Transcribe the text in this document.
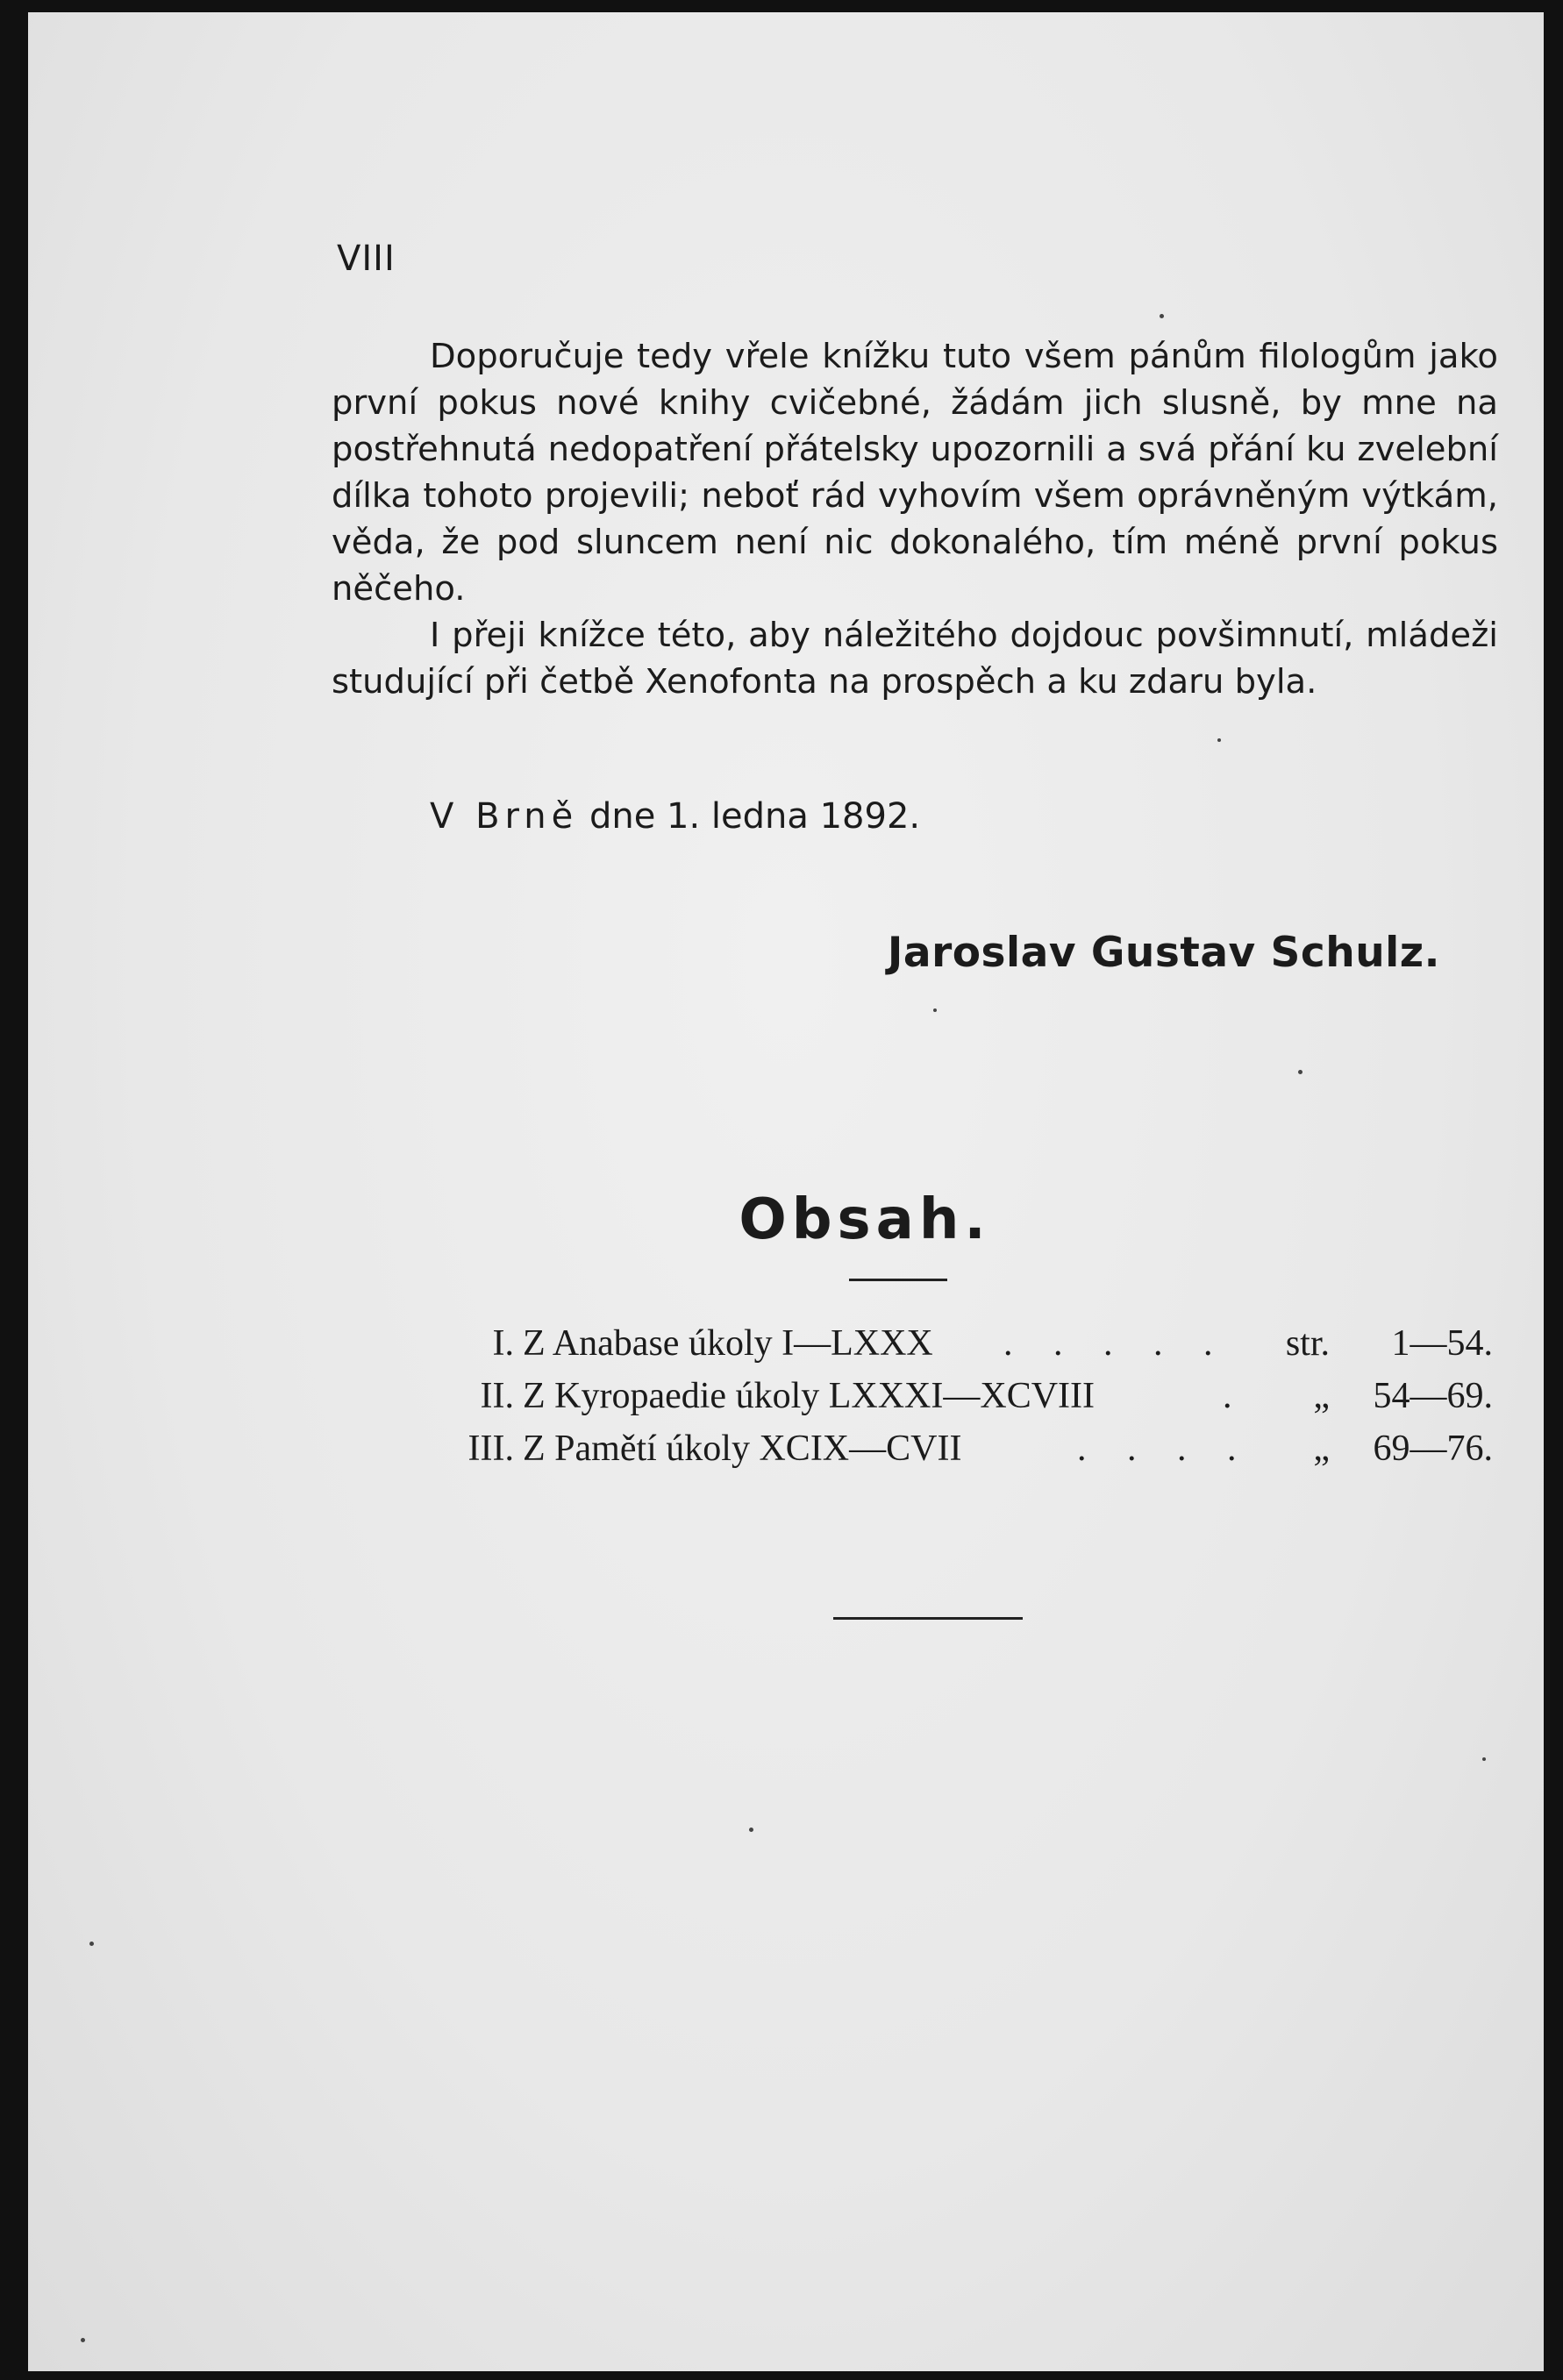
VIII

Doporučuje tedy vřele knížku tuto všem pánům filologům jako první pokus nové knihy cvičebné, žádám jich slusně, by mne na postřehnutá nedopatření přátelsky upozornili a svá přání ku zvelební dílka tohoto projevili; neboť rád vyhovím všem oprávněným výtkám, věda, že pod sluncem není nic dokonalého, tím méně první pokus něčeho.

I přeji knížce této, aby náležitého dojdouc povšimnutí, mládeži studující při četbě Xenofonta na prospěch a ku zdaru byla.

V Brně dne 1. ledna 1892.
Jaroslav Gustav Schulz.
Obsah.
I. Z Anabase úkoly I—LXXX . . . . . str. 1—54.
II. Z Kyropaedie úkoly LXXXI—XCVIII	.	„ 54—69.
III. Z Pamětí úkoly XCIX—CVII	. . . .	„ 69—76.
